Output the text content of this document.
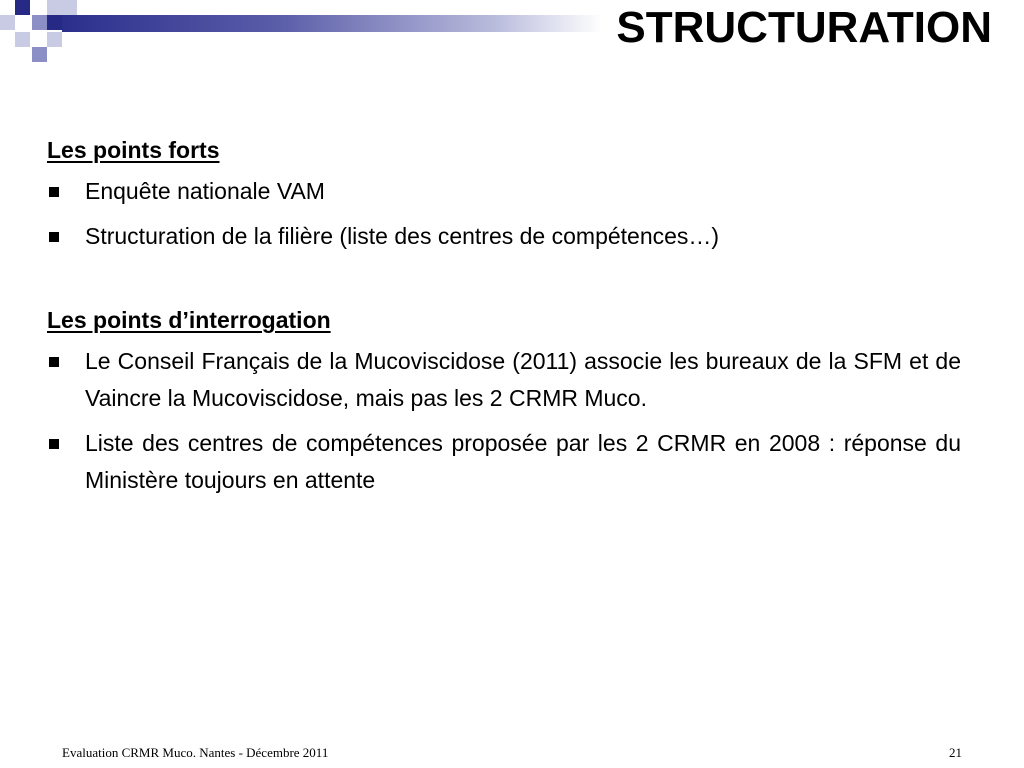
STRUCTURATION
Les points forts
Enquête nationale VAM
Structuration de la filière (liste des centres de compétences…)
Les points d’interrogation
Le Conseil Français de la Mucoviscidose (2011) associe les bureaux de la SFM et de Vaincre la Mucoviscidose, mais pas les 2 CRMR Muco.
Liste des centres de compétences proposée par les 2 CRMR en 2008 : réponse du Ministère toujours en attente
Evaluation CRMR Muco. Nantes - Décembre 2011	21
